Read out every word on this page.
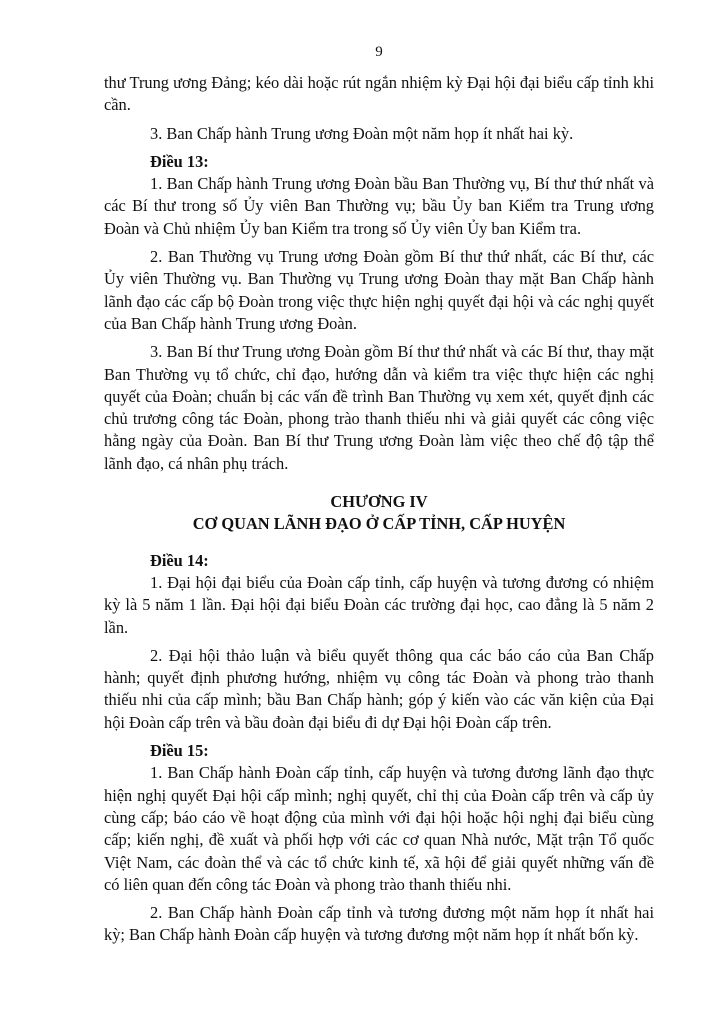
9

thư Trung ương Đảng; kéo dài hoặc rút ngắn nhiệm kỳ Đại hội đại biểu cấp tỉnh khi cần.

3. Ban Chấp hành Trung ương Đoàn một năm họp ít nhất hai kỳ.

Điều 13:

1. Ban Chấp hành Trung ương Đoàn bầu Ban Thường vụ, Bí thư thứ nhất và các Bí thư trong số Ủy viên Ban Thường vụ; bầu Ủy ban Kiểm tra Trung ương Đoàn và Chủ nhiệm Ủy ban Kiểm tra trong số Ủy viên Ủy ban Kiểm tra.

2. Ban Thường vụ Trung ương Đoàn gồm Bí thư thứ nhất, các Bí thư, các Ủy viên Thường vụ. Ban Thường vụ Trung ương Đoàn thay mặt Ban Chấp hành lãnh đạo các cấp bộ Đoàn trong việc thực hiện nghị quyết đại hội và các nghị quyết của Ban Chấp hành Trung ương Đoàn.

3. Ban Bí thư Trung ương Đoàn gồm Bí thư thứ nhất và các Bí thư, thay mặt Ban Thường vụ tổ chức, chỉ đạo, hướng dẫn và kiểm tra việc thực hiện các nghị quyết của Đoàn; chuẩn bị các vấn đề trình Ban Thường vụ xem xét, quyết định các chủ trương công tác Đoàn, phong trào thanh thiếu nhi và giải quyết các công việc hằng ngày của Đoàn. Ban Bí thư Trung ương Đoàn làm việc theo chế độ tập thể lãnh đạo, cá nhân phụ trách.

CHƯƠNG IV

CƠ QUAN LÃNH ĐẠO Ở CẤP TỈNH, CẤP HUYỆN

Điều 14:

1. Đại hội đại biểu của Đoàn cấp tỉnh, cấp huyện và tương đương có nhiệm kỳ là 5 năm 1 lần. Đại hội đại biểu Đoàn các trường đại học, cao đẳng là 5 năm 2 lần.

2. Đại hội thảo luận và biểu quyết thông qua các báo cáo của Ban Chấp hành; quyết định phương hướng, nhiệm vụ công tác Đoàn và phong trào thanh thiếu nhi của cấp mình; bầu Ban Chấp hành; góp ý kiến vào các văn kiện của Đại hội Đoàn cấp trên và bầu đoàn đại biểu đi dự Đại hội Đoàn cấp trên.

Điều 15:

1. Ban Chấp hành Đoàn cấp tỉnh, cấp huyện và tương đương lãnh đạo thực hiện nghị quyết Đại hội cấp mình; nghị quyết, chỉ thị của Đoàn cấp trên và cấp ủy cùng cấp; báo cáo về hoạt động của mình với đại hội hoặc hội nghị đại biểu cùng cấp; kiến nghị, đề xuất và phối hợp với các cơ quan Nhà nước, Mặt trận Tổ quốc Việt Nam, các đoàn thể và các tổ chức kinh tế, xã hội để giải quyết những vấn đề có liên quan đến công tác Đoàn và phong trào thanh thiếu nhi.

2. Ban Chấp hành Đoàn cấp tỉnh và tương đương một năm họp ít nhất hai kỳ; Ban Chấp hành Đoàn cấp huyện và tương đương một năm họp ít nhất bốn kỳ.
